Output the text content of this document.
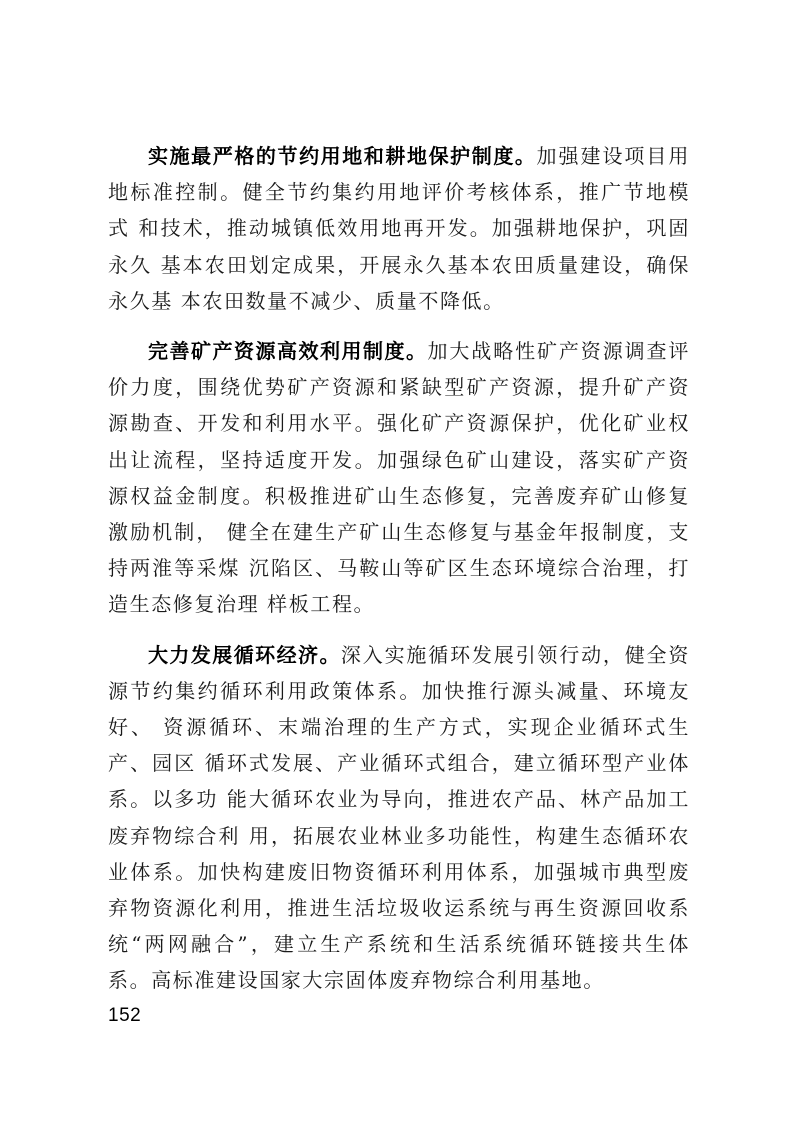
实施最严格的节约用地和耕地保护制度。加强建设项目用地标准控制。健全节约集约用地评价考核体系，推广节地模式 和技术，推动城镇低效用地再开发。加强耕地保护，巩固永久 基本农田划定成果，开展永久基本农田质量建设，确保永久基 本农田数量不减少、质量不降低。

完善矿产资源高效利用制度。加大战略性矿产资源调查评价力度，围绕优势矿产资源和紧缺型矿产资源，提升矿产资源勘查、开发和利用水平。强化矿产资源保护，优化矿业权出让流程，坚持适度开发。加强绿色矿山建设，落实矿产资源权益金制度。积极推进矿山生态修复，完善废弃矿山修复激励机制， 健全在建生产矿山生态修复与基金年报制度，支持两淮等采煤 沉陷区、马鞍山等矿区生态环境综合治理，打造生态修复治理 样板工程。

大力发展循环经济。深入实施循环发展引领行动，健全资源节约集约循环利用政策体系。加快推行源头减量、环境友好、 资源循环、末端治理的生产方式，实现企业循环式生产、园区 循环式发展、产业循环式组合，建立循环型产业体系。以多功 能大循环农业为导向，推进农产品、林产品加工废弃物综合利 用，拓展农业林业多功能性，构建生态循环农业体系。加快构建废旧物资循环利用体系，加强城市典型废弃物资源化利用，推进生活垃圾收运系统与再生资源回收系统“两网融合”，建立生产系统和生活系统循环链接共生体系。高标准建设国家大宗固体废弃物综合利用基地。

152
